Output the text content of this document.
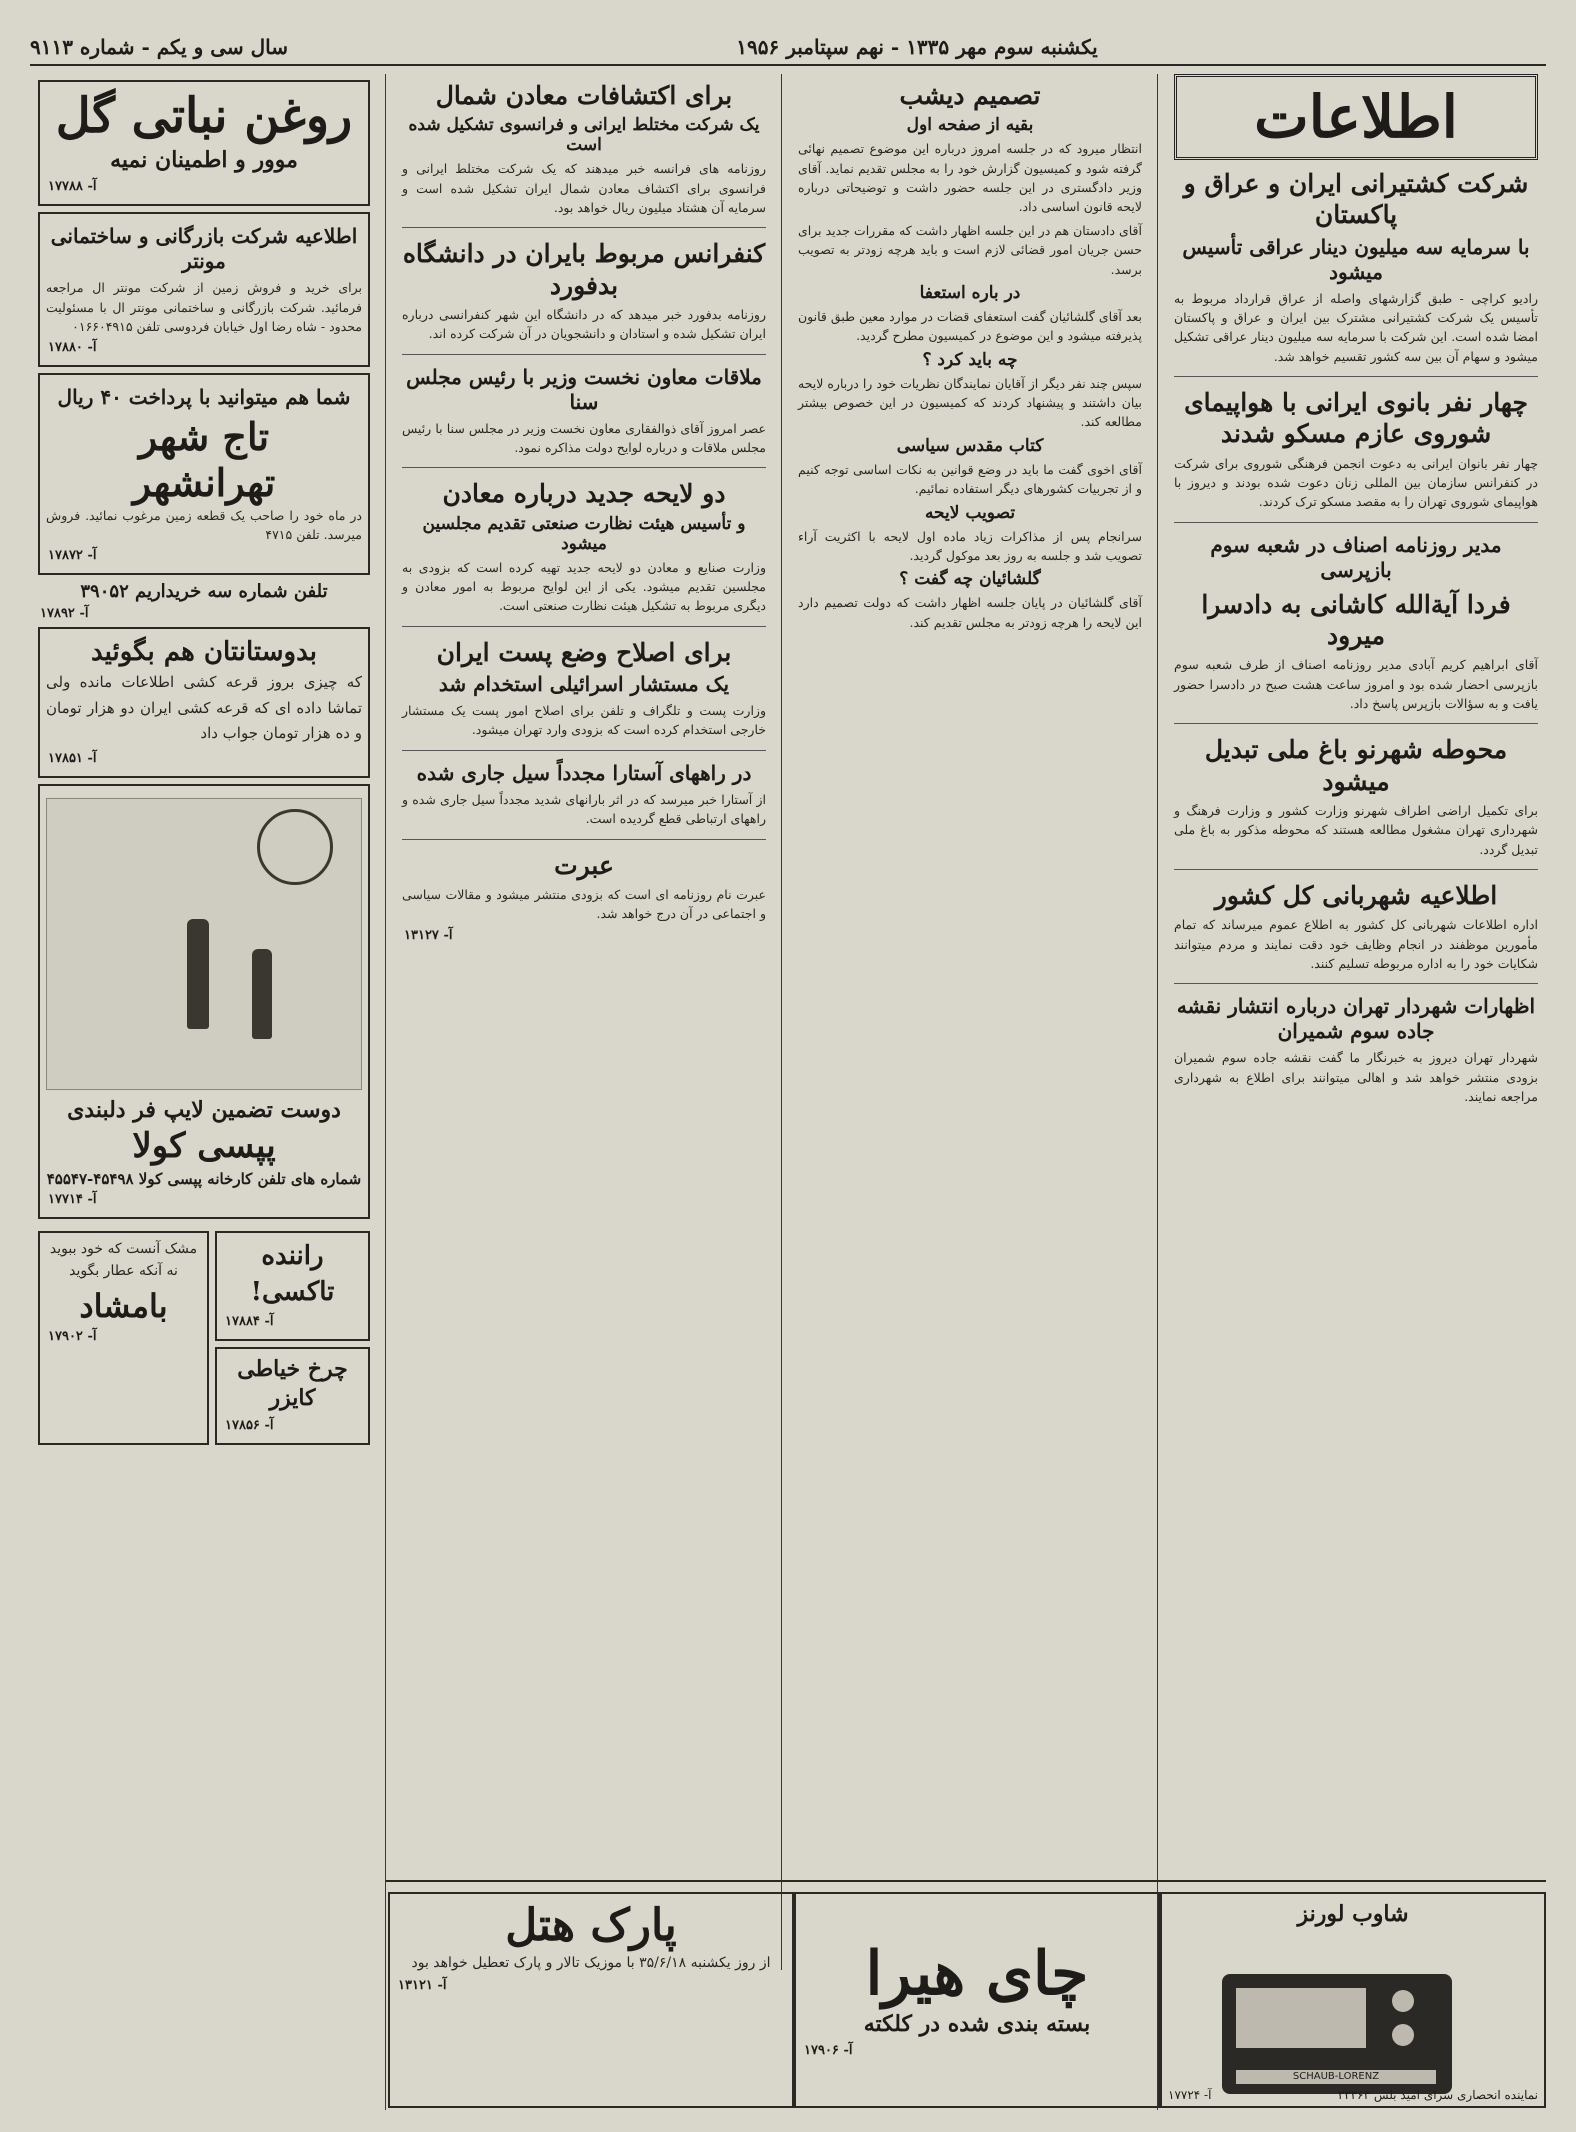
سال سی و یکم - شماره ۹۱۱۳	یکشنبه سوم مهر ۱۳۳۵ - نهم سپتامبر ۱۹۵۶
اطلاعات
شرکت کشتیرانی ایران و عراق و پاکستان
با سرمایه سه میلیون دینار عراقی تأسیس میشود

رادیو کراچی - طبق گزارشهای واصله از عراق قرارداد مربوط به تأسیس یک شرکت کشتیرانی مشترک بین ایران و عراق و پاکستان امضا شده است. این شرکت با سرمایه سه میلیون دینار عراقی تشکیل میشود و سهام آن بین سه کشور تقسیم خواهد شد.

چهار نفر بانوی ایرانی با هواپیمای شوروی عازم مسکو شدند

چهار نفر بانوان ایرانی به دعوت انجمن فرهنگی شوروی برای شرکت در کنفرانس سازمان بین المللی زنان دعوت شده بودند و دیروز با هواپیمای شوروی تهران را به مقصد مسکو ترک کردند.

مدیر روزنامه اصناف در شعبه سوم بازپرسی
فردا آیةالله کاشانی به دادسرا میرود

آقای ابراهیم کریم آبادی مدیر روزنامه اصناف از طرف شعبه سوم بازپرسی احضار شده بود و امروز ساعت هشت صبح در دادسرا حضور یافت و به سؤالات بازپرس پاسخ داد.

محوطه شهرنو باغ ملی تبدیل میشود

برای تکمیل اراضی اطراف شهرنو وزارت کشور و وزارت فرهنگ و شهرداری تهران مشغول مطالعه هستند که محوطه مذکور به باغ ملی تبدیل گردد.

اطلاعیه شهربانی کل کشور

اداره اطلاعات شهربانی کل کشور به اطلاع عموم میرساند که تمام مأمورین موظفند در انجام وظایف خود دقت نمایند و مردم میتوانند شکایات خود را به اداره مربوطه تسلیم کنند.

اظهارات شهردار تهران درباره انتشار نقشه جاده سوم شمیران

شهردار تهران دیروز به خبرنگار ما گفت نقشه جاده سوم شمیران بزودی منتشر خواهد شد و اهالی میتوانند برای اطلاع به شهرداری مراجعه نمایند.

تصمیم دیشب
بقیه از صفحه اول

انتظار میرود که در جلسه امروز درباره این موضوع تصمیم نهائی گرفته شود و کمیسیون گزارش خود را به مجلس تقدیم نماید. آقای وزیر دادگستری در این جلسه حضور داشت و توضیحاتی درباره لایحه قانون اساسی داد.

آقای دادستان هم در این جلسه اظهار داشت که مقررات جدید برای حسن جریان امور قضائی لازم است و باید هرچه زودتر به تصویب برسد.

در باره استعفا

بعد آقای گلشائیان گفت استعفای قضات در موارد معین طبق قانون پذیرفته میشود و این موضوع در کمیسیون مطرح گردید.

چه باید کرد ؟

سپس چند نفر دیگر از آقایان نمایندگان نظریات خود را درباره لایحه بیان داشتند و پیشنهاد کردند که کمیسیون در این خصوص بیشتر مطالعه کند.

کتاب مقدس سیاسی

آقای اخوی گفت ما باید در وضع قوانین به نکات اساسی توجه کنیم و از تجربیات کشورهای دیگر استفاده نمائیم.

تصویب لایحه

سرانجام پس از مذاکرات زیاد ماده اول لایحه با اکثریت آراء تصویب شد و جلسه به روز بعد موکول گردید.

گلشائیان چه گفت ؟

آقای گلشائیان در پایان جلسه اظهار داشت که دولت تصمیم دارد این لایحه را هرچه زودتر به مجلس تقدیم کند.

برای اکتشافات معادن شمال
یک شرکت مختلط ایرانی و فرانسوی تشکیل شده است

روزنامه های فرانسه خبر میدهند که یک شرکت مختلط ایرانی و فرانسوی برای اکتشاف معادن شمال ایران تشکیل شده است و سرمایه آن هشتاد میلیون ریال خواهد بود.

کنفرانس مربوط بایران در دانشگاه بدفورد

روزنامه بدفورد خبر میدهد که در دانشگاه این شهر کنفرانسی درباره ایران تشکیل شده و استادان و دانشجویان در آن شرکت کرده اند.

ملاقات معاون نخست وزیر با رئیس مجلس سنا

عصر امروز آقای ذوالفقاری معاون نخست وزیر در مجلس سنا با رئیس مجلس ملاقات و درباره لوایح دولت مذاکره نمود.

دو لایحه جدید درباره معادن
و تأسیس هیئت نظارت صنعتی تقدیم مجلسین میشود

وزارت صنایع و معادن دو لایحه جدید تهیه کرده است که بزودی به مجلسین تقدیم میشود. یکی از این لوایح مربوط به امور معادن و دیگری مربوط به تشکیل هیئت نظارت صنعتی است.

برای اصلاح وضع پست ایران
یک مستشار اسرائیلی استخدام شد

وزارت پست و تلگراف و تلفن برای اصلاح امور پست یک مستشار خارجی استخدام کرده است که بزودی وارد تهران میشود.

در راههای آستارا مجدداً سیل جاری شده

از آستارا خبر میرسد که در اثر بارانهای شدید مجدداً سیل جاری شده و راههای ارتباطی قطع گردیده است.

عبرت

عبرت نام روزنامه ای است که بزودی منتشر میشود و مقالات سیاسی و اجتماعی در آن درج خواهد شد.

آ- ۱۳۱۲۷
روغن نباتی گل
موور و اطمینان نمیه
آ- ۱۷۷۸۸
اطلاعیه شرکت بازرگانی و ساختمانی مونتر

برای خرید و فروش زمین از شرکت مونتر ال مراجعه فرمائید. شرکت بازرگانی و ساختمانی مونتر ال با مسئولیت محدود - شاه رضا اول خیابان فردوسی تلفن ۰۱۶۶۰۴۹۱۵

آ- ۱۷۸۸۰
شما هم میتوانید با پرداخت ۴۰ ریال
تاج شهر
تهرانشهر

در ماه خود را صاحب یک قطعه زمین مرغوب نمائید. فروش میرسد. تلفن ۴۷۱۵

آ- ۱۷۸۷۲
تلفن شماره سه خریداریم ۳۹۰۵۲
آ- ۱۷۸۹۲
بدوستانتان هم بگوئید

که چیزی بروز قرعه کشی اطلاعات مانده ولی تماشا داده ای که قرعه کشی ایران دو هزار تومان و ده هزار تومان جواب داد

آ- ۱۷۸۵۱
دوست تضمین لایپ فر دلبندی
پپسی کولا
شماره های تلفن کارخانه پپسی کولا ۴۵۴۹۸-۴۵۵۴۷
آ- ۱۷۷۱۴
راننده تاکسی!
آ- ۱۷۸۸۴
چرخ خیاطی کایزر
آ- ۱۷۸۵۶

مشک آنست که خود ببوید نه آنکه عطار بگوید

بامشاد
آ- ۱۷۹۰۲
شاوب لورنز
SCHAUB-LORENZ
نماینده انحصاری سرای امید بلس ۳۳۳۶۳
آ- ۱۷۷۲۴
چای هیرا
بسته بندی شده در کلکته
آ- ۱۷۹۰۶
پارک هتل

از روز یکشنبه ۳۵/۶/۱۸ با موزیک تالار و پارک تعطیل خواهد بود

آ- ۱۳۱۲۱
